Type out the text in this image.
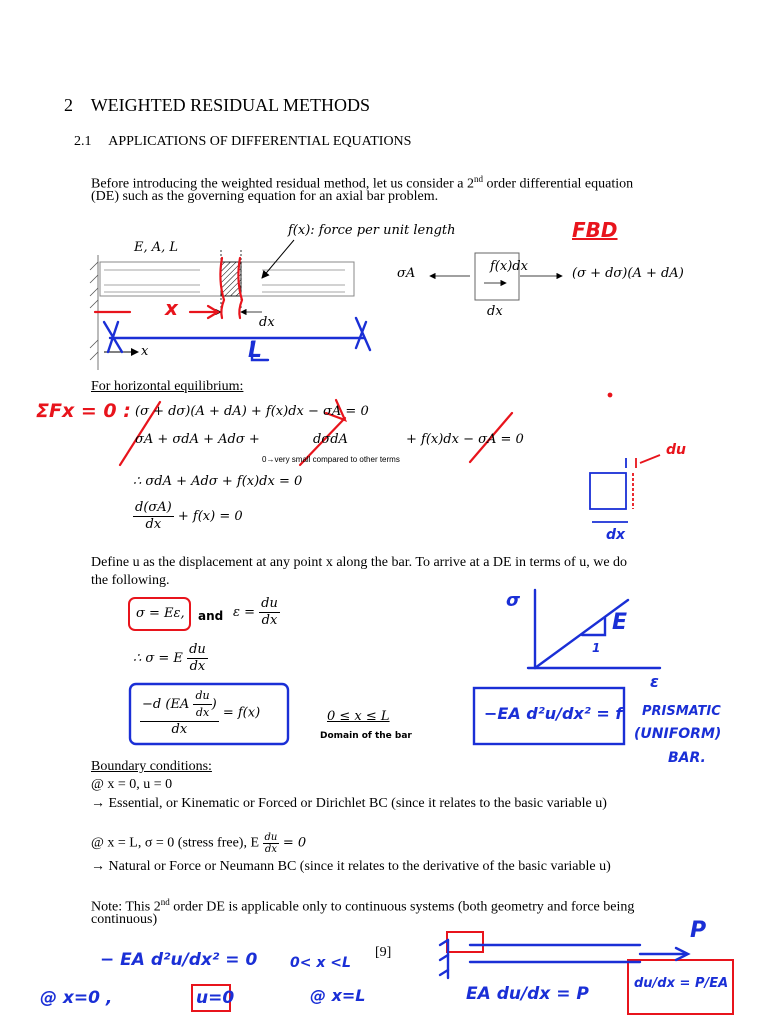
2 WEIGHTED RESIDUAL METHODS
2.1 APPLICATIONS OF DIFFERENTIAL EQUATIONS
Before introducing the weighted residual method, let us consider a 2nd order differential equation
(DE) such as the governing equation for an axial bar problem.
E, A, L
f(x): force per unit length
dx
x
σA	f(x)dx	(σ + dσ)(A + dA)
dx
For horizontal equilibrium:
(σ + dσ)(A + dA) + f(x)dx − σA = 0
σA + σdA + Adσ +	dσdA	+ f(x)dx − σA = 0
0→very small compared to other terms
∴ σdA + Adσ + f(x)dx = 0
$\frac{d(\sigma A)}{dx} + f(x) = 0$
Define u as the displacement at any point x along the bar. To arrive at a DE in terms of u, we do
the following.
σ = Eε, and $\varepsilon = \frac{du}{dx}$
∴ σ = E $\frac{du}{dx}$
$\frac{-d (EA \frac{du}{dx} )}{dx} = f(x)$	0 ≤ x ≤ L
Domain of the bar
Boundary conditions:
@ x = 0, u = 0
→ Essential, or Kinematic or Forced or Dirichlet BC (since it relates to the basic variable u)
@ x = L, σ = 0 (stress free), E $\frac{du}{dx} = 0$
→ Natural or Force or Neumann BC (since it relates to the derivative of the basic variable u)
Note: This 2nd order DE is applicable only to continuous systems (both geometry and force being
continuous)
[9]
FBD
ΣFx = 0 :
x
L
du
dx
σ
E
1
ε
−EA d²u/dx² = f PRISMATIC
(UNIFORM)
BAR.
− EA d²u/dx² = 0 0< x <L
@ x=0 ,	u=0	@ x=L	EA du/dx = P
P
du/dx = P/EA
